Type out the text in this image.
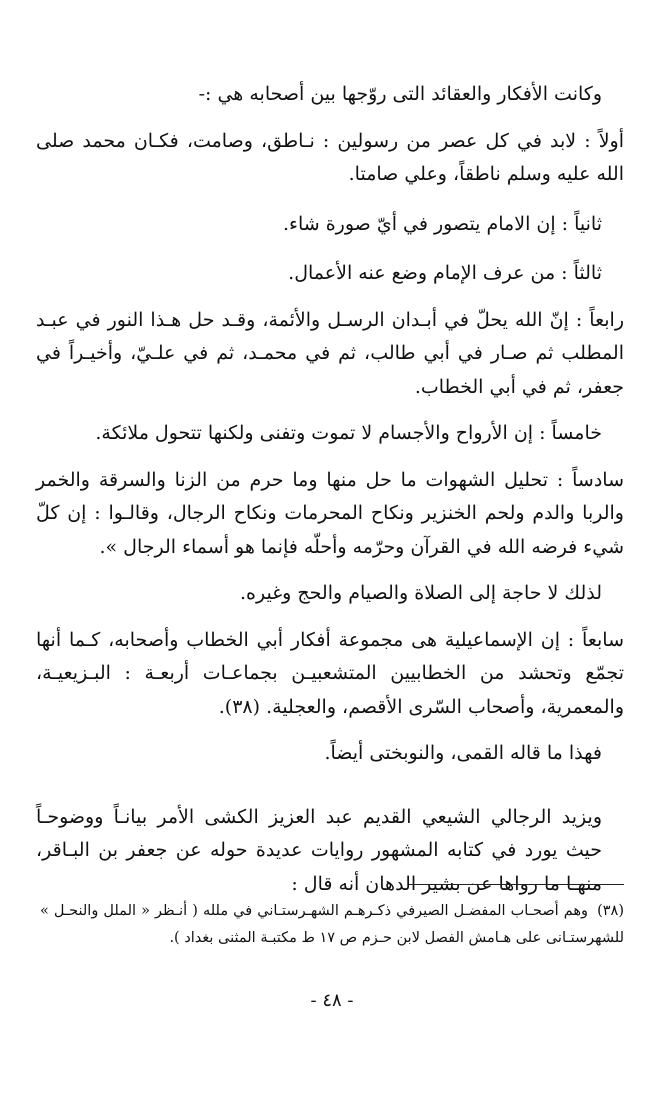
وكانت الأفكار والعقائد التى روّجها بين أصحابه هي :-

أولاً : لابد في كل عصر من رسولين : نـاطق، وصامت، فكـان محمد صلى الله عليه وسلم ناطقاً، وعلي صامتا.

ثانياً : إن الامام يتصور في أيّ صورة شاء.

ثالثاً : من عرف الإمام وضع عنه الأعمال.

رابعاً : إنّ الله يحلّ في أبـدان الرسـل والأئمة، وقـد حل هـذا النور في عبـد المطلب ثم صـار في أبي طالب، ثم في محمـد، ثم في علـيّ، وأخيـراً في جعفر، ثم في أبي الخطاب.

خامساً : إن الأرواح والأجسام لا تموت وتفنى ولكنها تتحول ملائكة.

سادساً : تحليل الشهوات ما حل منها وما حرم من الزنا والسرقة والخمر والربا والدم ولحم الخنزير ونكاح المحرمات ونكاح الرجال، وقالـوا : إن كلّ شيء فرضه الله في القرآن وحرّمه وأحلّه فإنما هو أسماء الرجال ».

لذلك لا حاجة إلى الصلاة والصيام والحج وغيره.

سابعاً : إن الإسماعيلية هى مجموعة أفكار أبي الخطاب وأصحابه، كـما أنها تجمّع وتحشد من الخطابيين المتشعبيـن بجماعـات أربعـة : البـزيعيـة، والمعمرية، وأصحاب السّرى الأقصم، والعجلية. (٣٨).

فهذا ما قاله القمى، والنوبختى أيضاً.

ويزيد الرجالي الشيعي القديم عبد العزيز الكشى الأمر بيانـاً ووضوحـاً حيث يورد في كتابه المشهور روايات عديدة حوله عن جعفر بن البـاقر، منهـا ما رواها عن بشير الدهان أنه قال :

(٣٨) وهم أصحـاب المفضـل الصيرفي ذكـرهـم الشهـرستـاني في ملله ( أنـظر « الملل والنحـل » للشهرستـانى على هـامش الفصل لابن حـزم ص ١٧ ط مكتبـة المثنى بغداد ).
- ٤٨ -
